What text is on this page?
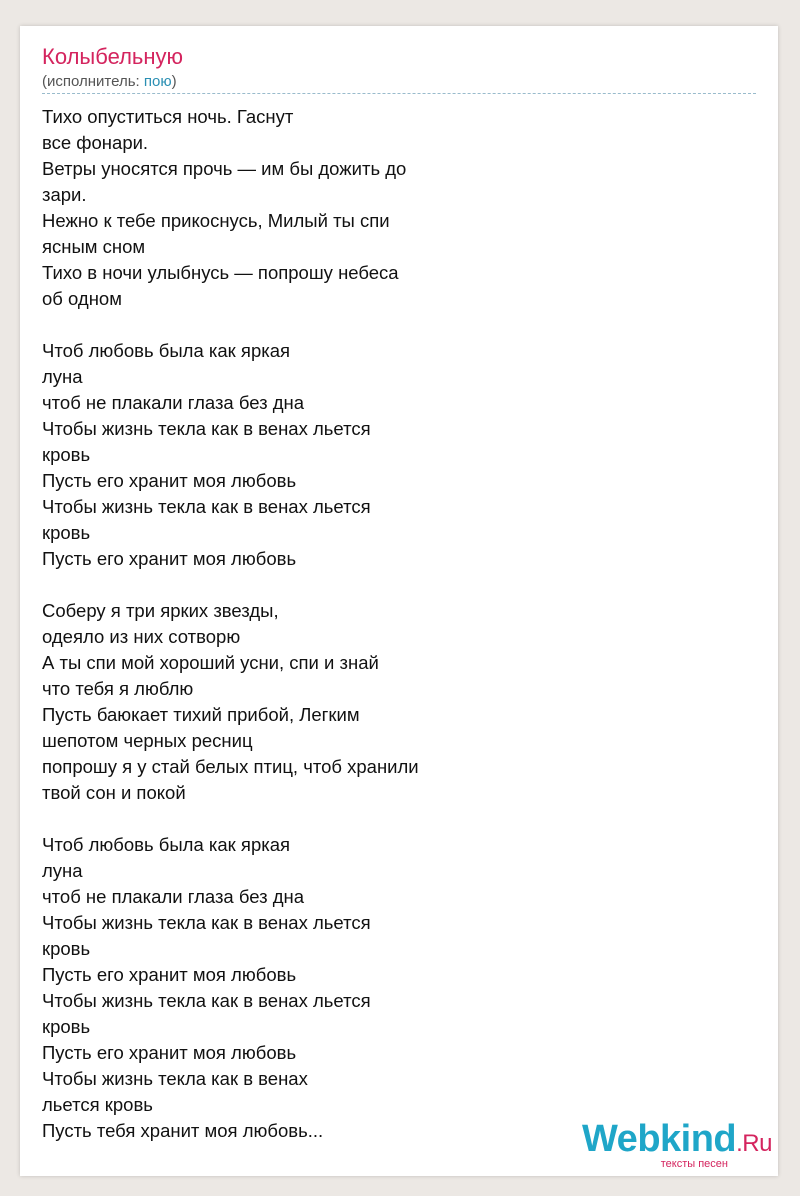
Колыбельную
(исполнитель: пою)
Тихо опуститься ночь. Гаснут
все фонари.
Ветры уносятся прочь — им бы дожить до
зари.
Нежно к тебе прикоснусь, Милый ты спи
ясным сном
Тихо в ночи улыбнусь — попрошу небеса
об одном
Чтоб любовь была как яркая
луна
чтоб не плакали глаза без дна
Чтобы жизнь текла как в венах льется
кровь
Пусть его хранит моя любовь
Чтобы жизнь текла как в венах льется
кровь
Пусть его хранит моя любовь
Соберу я три ярких звезды,
одеяло из них сотворю
А ты спи мой хороший усни, спи и знай
что тебя я люблю
Пусть баюкает тихий прибой, Легким
шепотом черных ресниц
попрошу я у стай белых птиц, чтоб хранили
твой сон и покой
Чтоб любовь была как яркая
луна
чтоб не плакали глаза без дна
Чтобы жизнь текла как в венах льется
кровь
Пусть его хранит моя любовь
Чтобы жизнь текла как в венах льется
кровь
Пусть его хранит моя любовь
Чтобы жизнь текла как в венах
льется кровь
Пусть тебя хранит моя любовь...	Webkind.Ru
тексты песен
